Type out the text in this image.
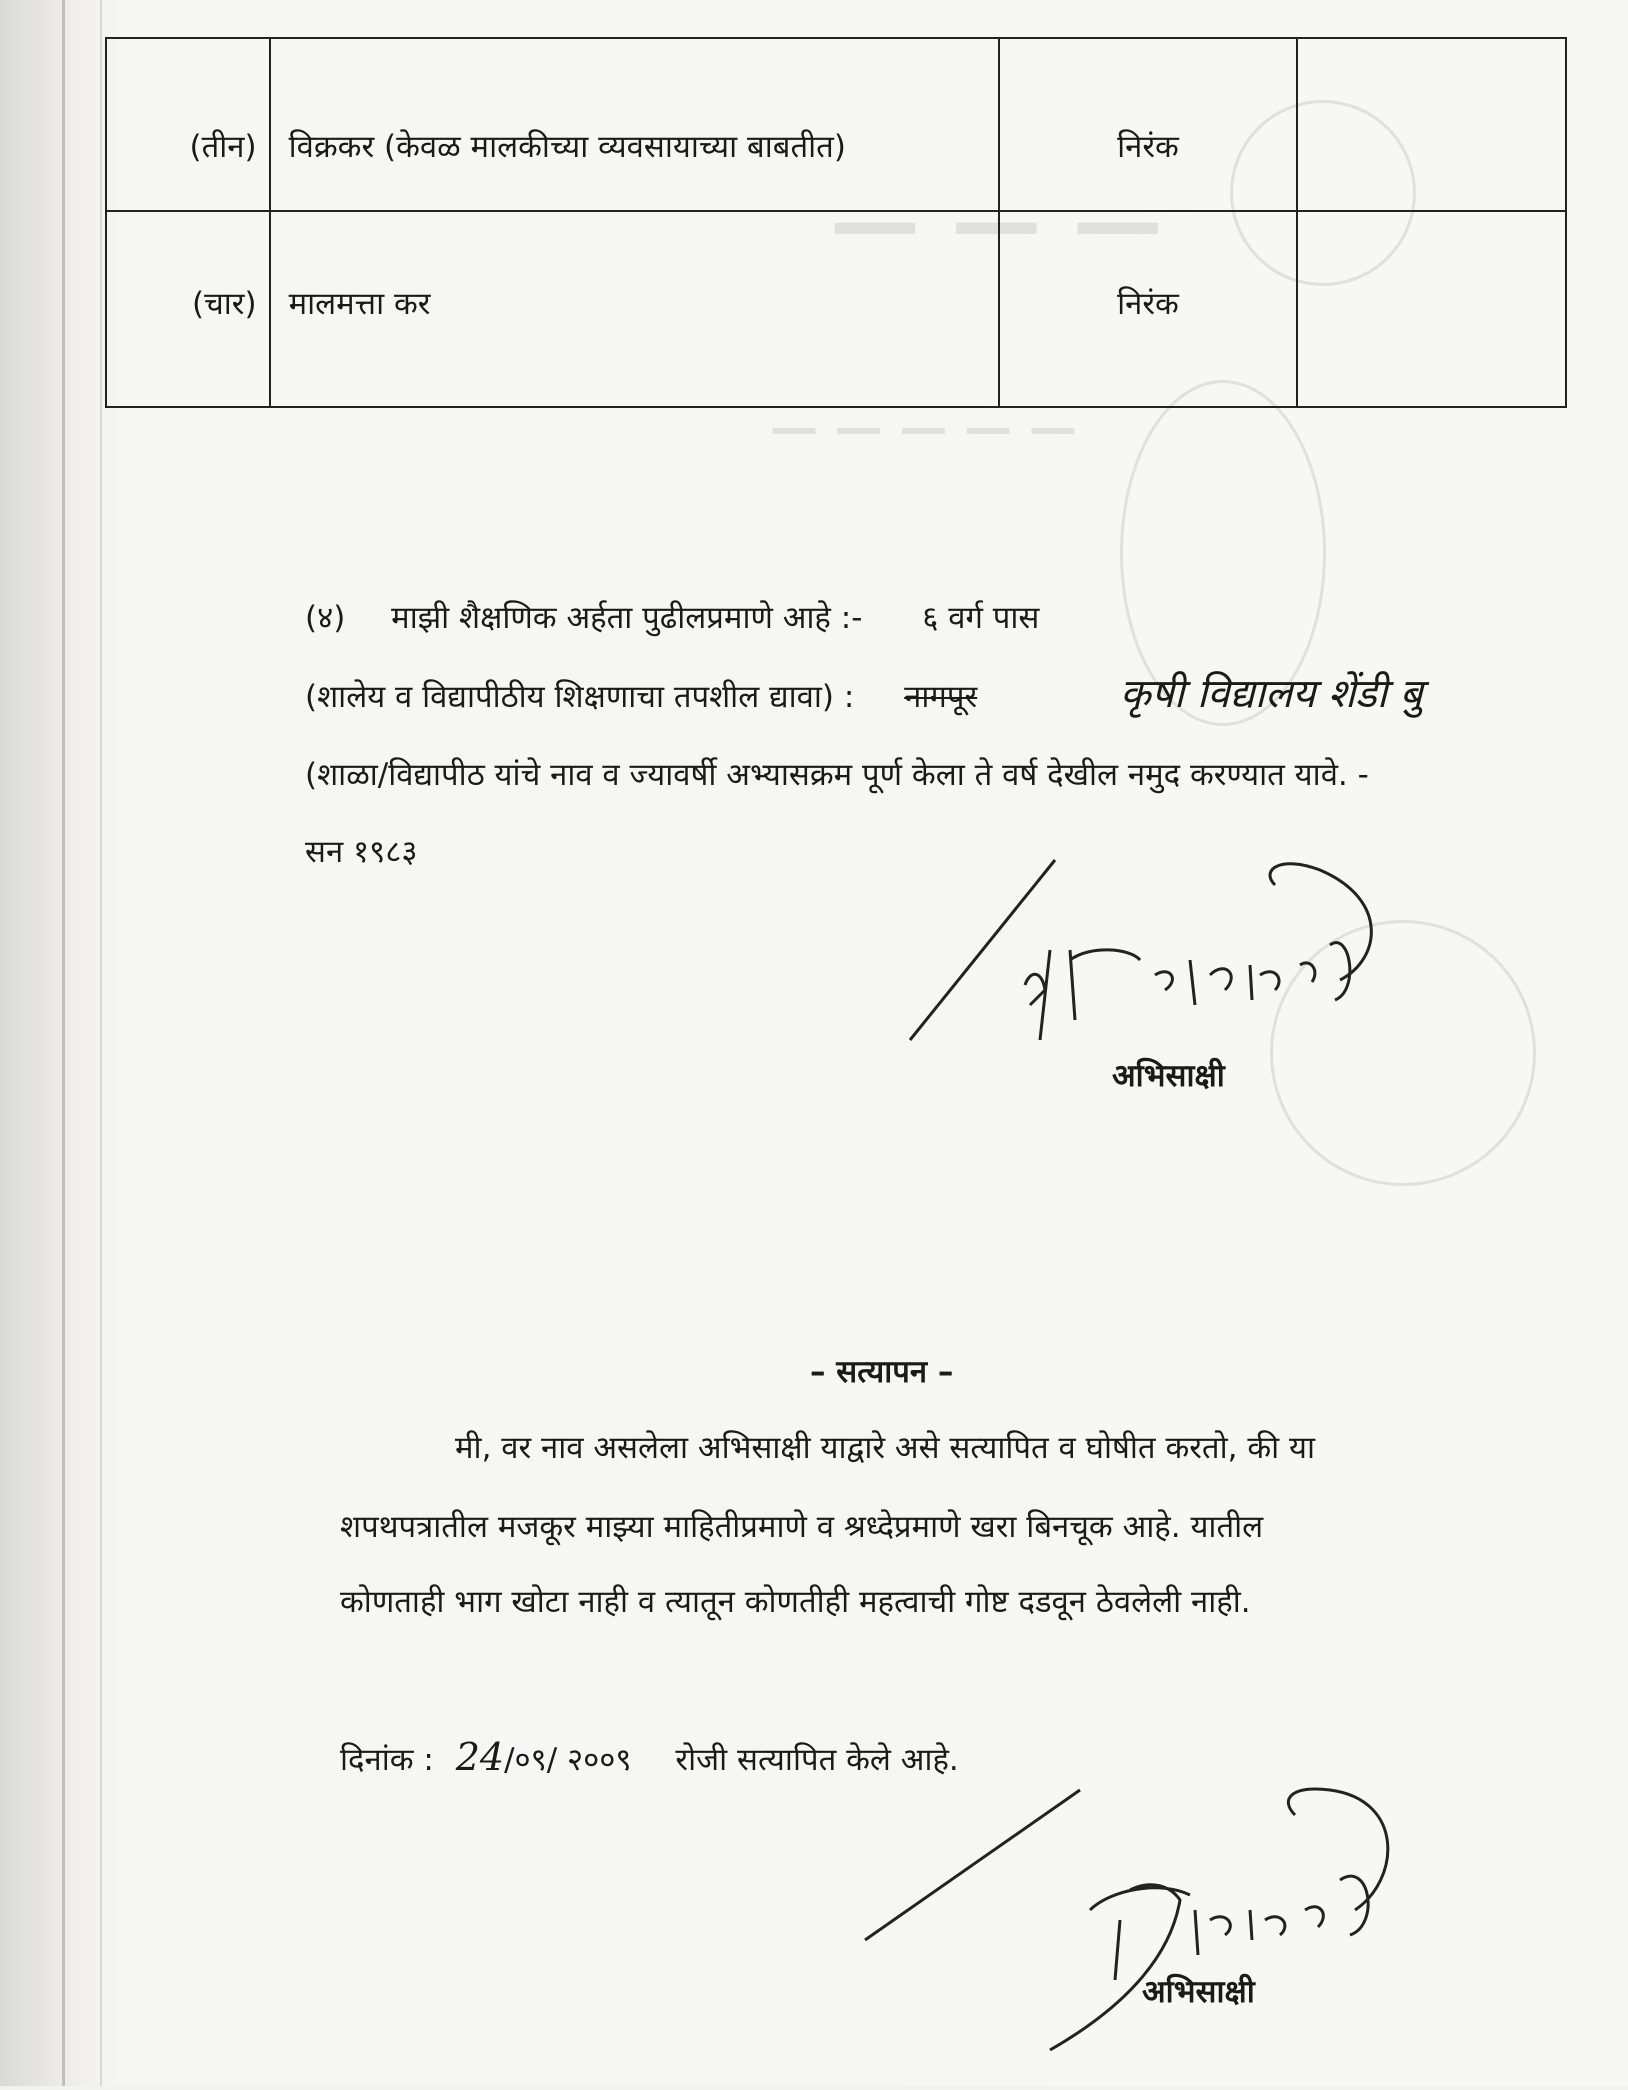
— — —
— — — — —
(तीन)	विक्रकर (केवळ मालकीच्या व्यवसायाच्या बाबतीत)	निरंक	

(चार)	मालमत्ता कर	निरंक	

(४) माझी शैक्षणिक अर्हता पुढीलप्रमाणे आहे :- ६ वर्ग पास
(शालेय व विद्यापीठीय शिक्षणाचा तपशील द्यावा) : नागपूर	कृषी विद्यालय शेंडी बु
(शाळा/विद्यापीठ यांचे नाव व ज्यावर्षी अभ्यासक्रम पूर्ण केला ते वर्ष देखील नमुद करण्यात यावे. -
सन १९८३
अभिसाक्षी
– सत्यापन –
मी, वर नाव असलेला अभिसाक्षी याद्वारे असे सत्यापित व घोषीत करतो, की या
शपथपत्रातील मजकूर माझ्या माहितीप्रमाणे व श्रध्देप्रमाणे खरा बिनचूक आहे. यातील
कोणताही भाग खोटा नाही व त्यातून कोणतीही महत्वाची गोष्ट दडवून ठेवलेली नाही.
दिनांक : 24/०९/ २००९ रोजी सत्यापित केले आहे.
अभिसाक्षी
